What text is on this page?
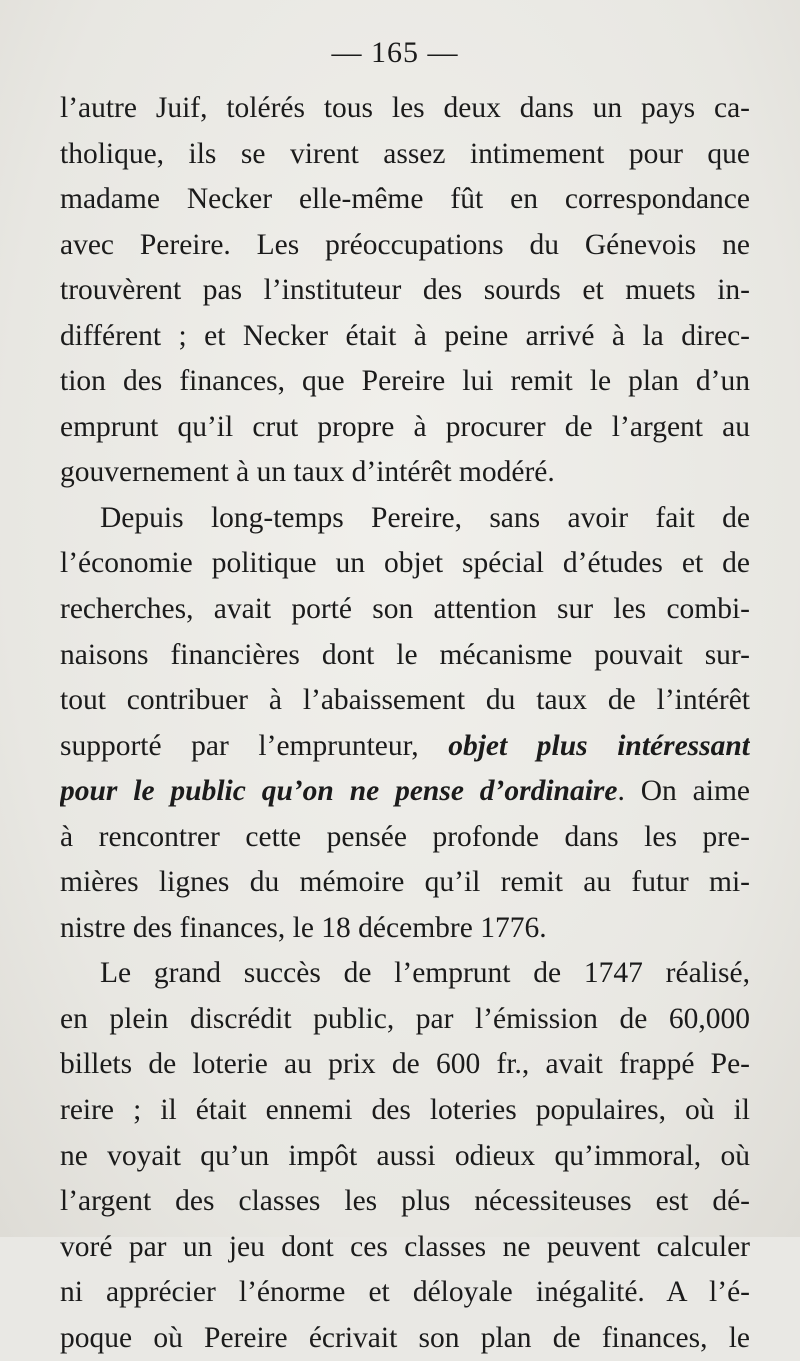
— 165 —
l’autre Juif, tolérés tous les deux dans un pays ca-
tholique, ils se virent assez intimement pour que
madame Necker elle-même fût en correspondance
avec Pereire. Les préoccupations du Génevois ne
trouvèrent pas l’instituteur des sourds et muets in-
différent ; et Necker était à peine arrivé à la direc-
tion des finances, que Pereire lui remit le plan d’un
emprunt qu’il crut propre à procurer de l’argent au
gouvernement à un taux d’intérêt modéré.
Depuis long-temps Pereire, sans avoir fait de
l’économie politique un objet spécial d’études et de
recherches, avait porté son attention sur les combi-
naisons financières dont le mécanisme pouvait sur-
tout contribuer à l’abaissement du taux de l’intérêt
supporté par l’emprunteur, objet plus intéressant
pour le public qu’on ne pense d’ordinaire. On aime
à rencontrer cette pensée profonde dans les pre-
mières lignes du mémoire qu’il remit au futur mi-
nistre des finances, le 18 décembre 1776.
Le grand succès de l’emprunt de 1747 réalisé,
en plein discrédit public, par l’émission de 60,000
billets de loterie au prix de 600 fr., avait frappé Pe-
reire ; il était ennemi des loteries populaires, où il
ne voyait qu’un impôt aussi odieux qu’immoral, où
l’argent des classes les plus nécessiteuses est dé-
voré par un jeu dont ces classes ne peuvent calculer
ni apprécier l’énorme et déloyale inégalité. A l’é-
poque où Pereire écrivait son plan de finances, le
